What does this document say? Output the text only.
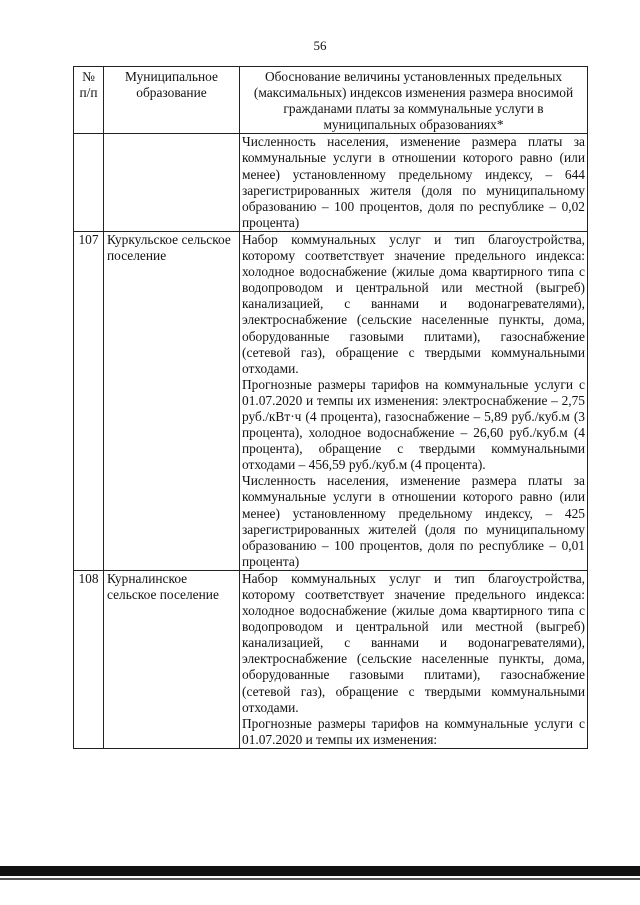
56
№ п/п	Муниципальное образование	Обоснование величины установленных предельных (максимальных) индексов изменения размера вносимой гражданами платы за коммунальные услуги в муниципальных образованиях*

		Численность населения, изменение размера платы за коммунальные услуги в отношении которого равно (или менее) установленному предельному индексу, – 644 зарегистрированных жителя (доля по муниципальному образованию – 100 процентов, доля по республике – 0,02 процента)

107	Куркульское сельское поселение	Набор коммунальных услуг и тип благоустройства, которому соответствует значение предельного индекса: холодное водоснабжение (жилые дома квартирного типа с водопроводом и центральной или местной (выгреб) канализацией, с ваннами и водонагревателями), электроснабжение (сельские населенные пункты, дома, оборудованные газовыми плитами), газоснабжение (сетевой газ), обращение с твердыми коммунальными отходами.

Прогнозные размеры тарифов на коммунальные услуги с 01.07.2020 и темпы их изменения: электроснабжение – 2,75 руб./кВт·ч (4 процента), газоснабжение – 5,89 руб./куб.м (3 процента), холодное водоснабжение – 26,60 руб./куб.м (4 процента), обращение с твердыми коммунальными отходами – 456,59 руб./куб.м (4 процента).

Численность населения, изменение размера платы за коммунальные услуги в отношении которого равно (или менее) установленному предельному индексу, – 425 зарегистрированных жителей (доля по муниципальному образованию – 100 процентов, доля по республике – 0,01 процента)

108	Курналинское сельское поселение	Набор коммунальных услуг и тип благоустройства, которому соответствует значение предельного индекса: холодное водоснабжение (жилые дома квартирного типа с водопроводом и центральной или местной (выгреб) канализацией, с ваннами и водонагревателями), электроснабжение (сельские населенные пункты, дома, оборудованные газовыми плитами), газоснабжение (сетевой газ), обращение с твердыми коммунальными отходами.

Прогнозные размеры тарифов на коммунальные услуги с 01.07.2020 и темпы их изменения:
